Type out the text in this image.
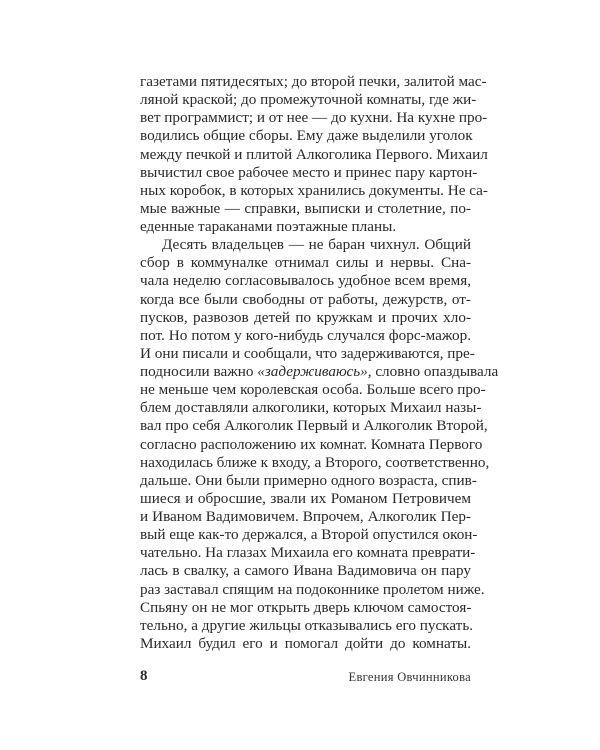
газетами пятидесятых; до второй печки, залитой мас-
ляной краской; до промежуточной комнаты, где жи-
вет программист; и от нее — до кухни. На кухне про-
водились общие сборы. Ему даже выделили уголок
между печкой и плитой Алкоголика Первого. Михаил
вычистил свое рабочее место и принес пару картон-
ных коробок, в которых хранились документы. Не са-
мые важные — справки, выписки и столетние, по-
еденные тараканами поэтажные планы.
Десять владельцев — не баран чихнул. Общий
сбор в коммуналке отнимал силы и нервы. Сна-
чала неделю согласовывалось удобное всем время,
когда все были свободны от работы, дежурств, от-
пусков, развозов детей по кружкам и прочих хло-
пот. Но потом у кого-нибудь случался форс-мажор.
И они писали и сообщали, что задерживаются, пре-
подносили важно «задерживаюсь», словно опаздывала
не меньше чем королевская особа. Больше всего про-
блем доставляли алкоголики, которых Михаил назы-
вал про себя Алкоголик Первый и Алкоголик Второй,
согласно расположению их комнат. Комната Первого
находилась ближе к входу, а Второго, соответственно,
дальше. Они были примерно одного возраста, спив-
шиеся и обросшие, звали их Романом Петровичем
и Иваном Вадимовичем. Впрочем, Алкоголик Пер-
вый еще как-то держался, а Второй опустился окон-
чательно. На глазах Михаила его комната преврати-
лась в свалку, а самого Ивана Вадимовича он пару
раз заставал спящим на подоконнике пролетом ниже.
Спьяну он не мог открыть дверь ключом самостоя-
тельно, а другие жильцы отказывались его пускать.
Михаил будил его и помогал дойти до комнаты.
8	Евгения Овчинникова
